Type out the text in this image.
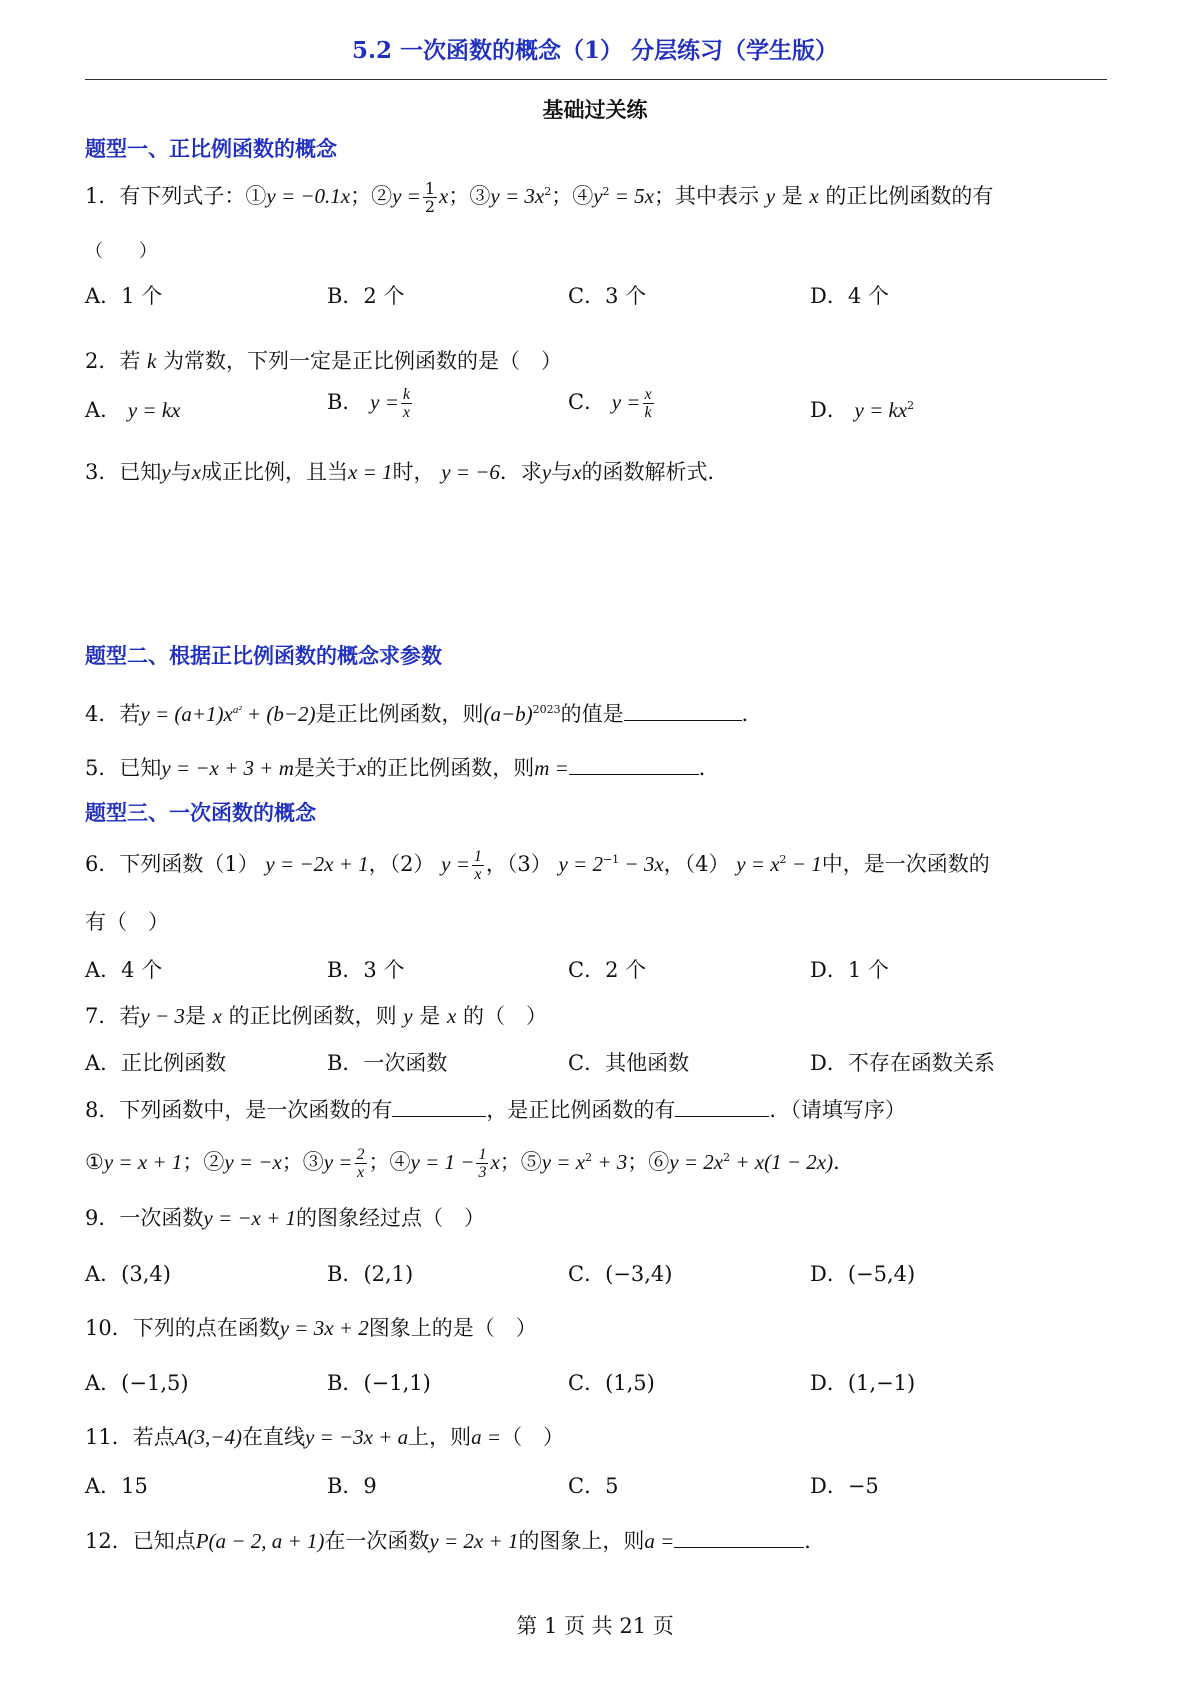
5.2 一次函数的概念（1） 分层练习（学生版）
基础过关练
题型一、正比例函数的概念
1．有下列式子：①y = −0.1x；②y = $\frac{1}{2}$ x；③y = $3x^2$；$④y^2 = 5x$；其中表示 y 是 x 的正比例函数的有
（　　）
A．1 个	B．2 个	C．3 个	D．4 个
2．若 k 为常数，下列一定是正比例函数的是（　）
A． y = kx	B． $y = \frac{k}{x}$	C． $y = \frac{x}{k}$	D． $y = kx^2$
3．已知y与x成正比例，且当x = 1时， y = −6．求y与x的函数解析式．
题型二、根据正比例函数的概念求参数
4．若$y = (a+1)x^{a^2} + (b-2)$是正比例函数，则$(a-b)^{2023}$的值是	．
5．已知y = −x + 3 + m是关于x的正比例函数，则m =	．
题型三、一次函数的概念
6．下列函数（1） y = −2x + 1，（2） $y = \frac{1}{x}$ ，（3） $y = 2^{-1} - 3x$，（4） $y = x^2 - 1$中，是一次函数的
有（　）
A．4 个	B．3 个	C．2 个	D．1 个
7．若y − 3是 x 的正比例函数，则 y 是 x 的（　）
A．正比例函数	B．一次函数	C．其他函数	D．不存在函数关系
8．下列函数中，是一次函数的有	，是正比例函数的有	．（请填写序）
①y = x + 1；②y = −x；③y = $\frac{2}{x}$ ；④y = $1 - \frac{1}{3}$ x；⑤y = $x^2 + 3$；⑥y = $2x^2 + x(1 - 2x)$．
9．一次函数y = −x + 1的图象经过点（　）
A．(3,4)	B．(2,1)	C．(−3,4)	D．(−5,4)
10．下列的点在函数y = 3x + 2图象上的是（　）
A．(−1,5)	B．(−1,1)	C．(1,5)	D．(1,−1)
11．若点A(3,−4)在直线y = −3x + a上，则a =（　）
A．15	B．9	C．5	D．−5
12．已知点P(a − 2, a + 1)在一次函数y = 2x + 1的图象上，则a =	．
第 1 页 共 21 页
